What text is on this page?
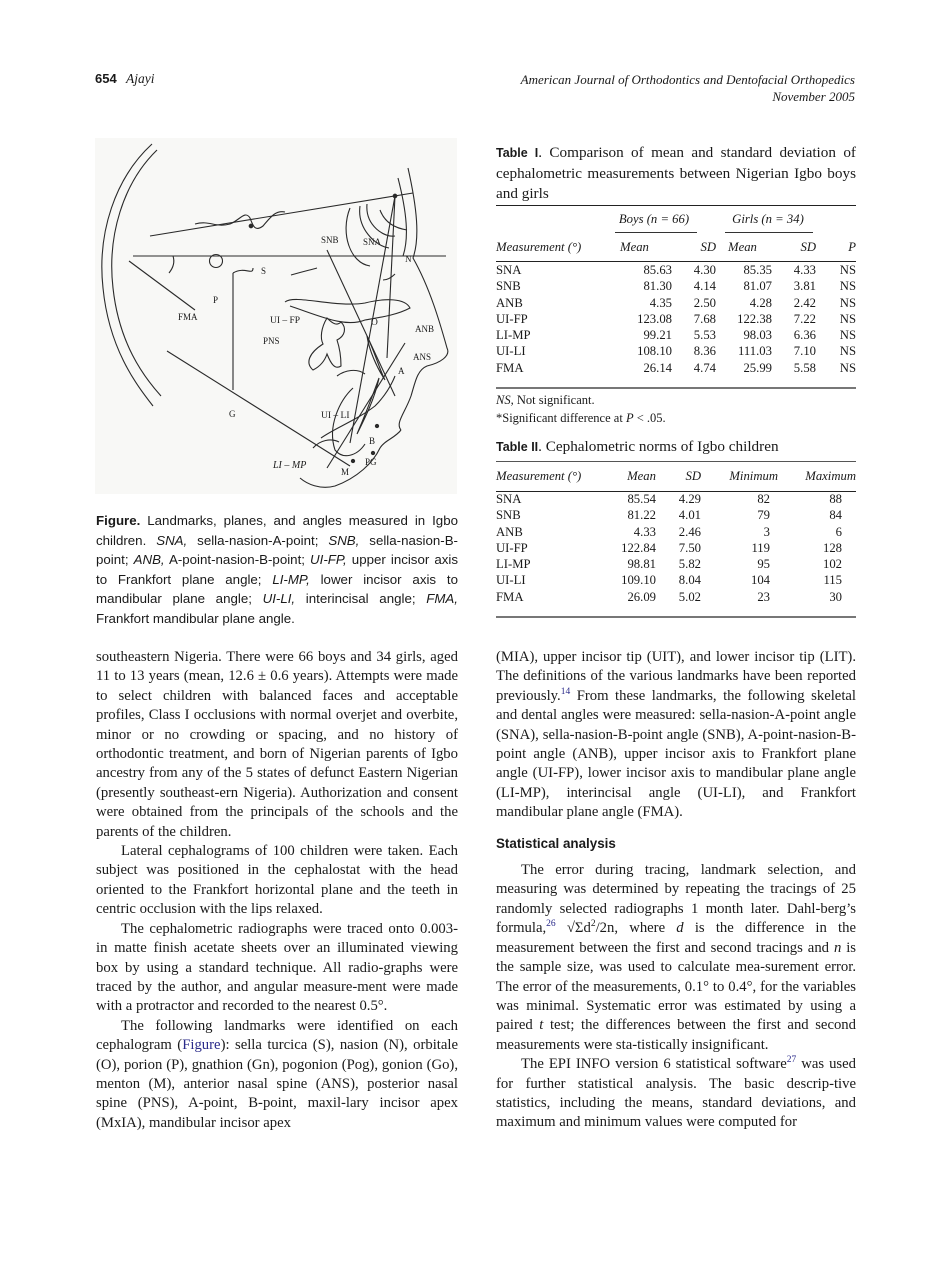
654 Ajayi	American Journal of Orthodontics and Dentofacial Orthopedics
November 2005
SNB	SNA
N
S
P
FMA	UI – FP	O
ANB
PNS
ANS
A
G	UI – LI
B
PG
LI – MP
M
Figure. Landmarks, planes, and angles measured in Igbo children. SNA, sella-nasion-A-point; SNB, sella-nasion-B-point; ANB, A-point-nasion-B-point; UI-FP, upper incisor axis to Frankfort plane angle; LI-MP, lower incisor axis to mandibular plane angle; UI-LI, interincisal angle; FMA, Frankfort mandibular plane angle.
Table I. Comparison of mean and standard deviation of cephalometric measurements between Nigerian Igbo boys and girls
Boys (n = 66)	Girls (n = 34)
Measurement (°)	Mean	SD	Mean	SD	P
SNA	85.63	4.30	85.35	4.33	NS
SNB	81.30	4.14	81.07	3.81	NS
ANB	4.35	2.50	4.28	2.42	NS
UI-FP	123.08	7.68	122.38	7.22	NS
LI-MP	99.21	5.53	98.03	6.36	NS
UI-LI	108.10	8.36	111.03	7.10	NS
FMA	26.14	4.74	25.99	5.58	NS
NS, Not significant.
*Significant difference at P < .05.
Table II. Cephalometric norms of Igbo children
Measurement (°)	Mean	SD	Minimum	Maximum
SNA	85.54	4.29	82	88
SNB	81.22	4.01	79	84
ANB	4.33	2.46	3	6
UI-FP	122.84	7.50	119	128
LI-MP	98.81	5.82	95	102
UI-LI	109.10	8.04	104	115
FMA	26.09	5.02	23	30

southeastern Nigeria. There were 66 boys and 34 girls, aged 11 to 13 years (mean, 12.6 ± 0.6 years). Attempts were made to select children with balanced faces and acceptable profiles, Class I occlusions with normal overjet and overbite, minor or no crowding or spacing, and no history of orthodontic treatment, and born of Nigerian parents of Igbo ancestry from any of the 5 states of defunct Eastern Nigerian (presently southeast-ern Nigeria). Authorization and consent were obtained from the principals of the schools and the parents of the children.

Lateral cephalograms of 100 children were taken. Each subject was positioned in the cephalostat with the head oriented to the Frankfort horizontal plane and the teeth in centric occlusion with the lips relaxed.

The cephalometric radiographs were traced onto 0.003-in matte finish acetate sheets over an illuminated viewing box by using a standard technique. All radio-graphs were traced by the author, and angular measure-ment were made with a protractor and recorded to the nearest 0.5°.

The following landmarks were identified on each cephalogram (Figure): sella turcica (S), nasion (N), orbitale (O), porion (P), gnathion (Gn), pogonion (Pog), gonion (Go), menton (M), anterior nasal spine (ANS), posterior nasal spine (PNS), A-point, B-point, maxil-lary incisor apex (MxIA), mandibular incisor apex

(MIA), upper incisor tip (UIT), and lower incisor tip (LIT). The definitions of the various landmarks have been reported previously.$^{14}$ From these landmarks, the following skeletal and dental angles were measured: sella-nasion-A-point angle (SNA), sella-nasion-B-point angle (SNB), A-point-nasion-B-point angle (ANB), upper incisor axis to Frankfort plane angle (UI-FP), lower incisor axis to mandibular plane angle (LI-MP), interincisal angle (UI-LI), and Frankfort mandibular plane angle (FMA).

Statistical analysis

The error during tracing, landmark selection, and measuring was determined by repeating the tracings of 25 randomly selected radiographs 1 month later. Dahl-berg’s formula,$^{26}$ $√\Sigma d^2/2n$, where d is the difference in the measurement between the first and second tracings and n is the sample size, was used to calculate mea-surement error. The error of the measurements, 0.1° to 0.4°, for the variables was minimal. Systematic error was estimated by using a paired t test; the differences between the first and second measurements were sta-tistically insignificant.

The EPI INFO version 6 statistical software$^{27}$ was used for further statistical analysis. The basic descrip-tive statistics, including the means, standard deviations, and maximum and minimum values were computed for
